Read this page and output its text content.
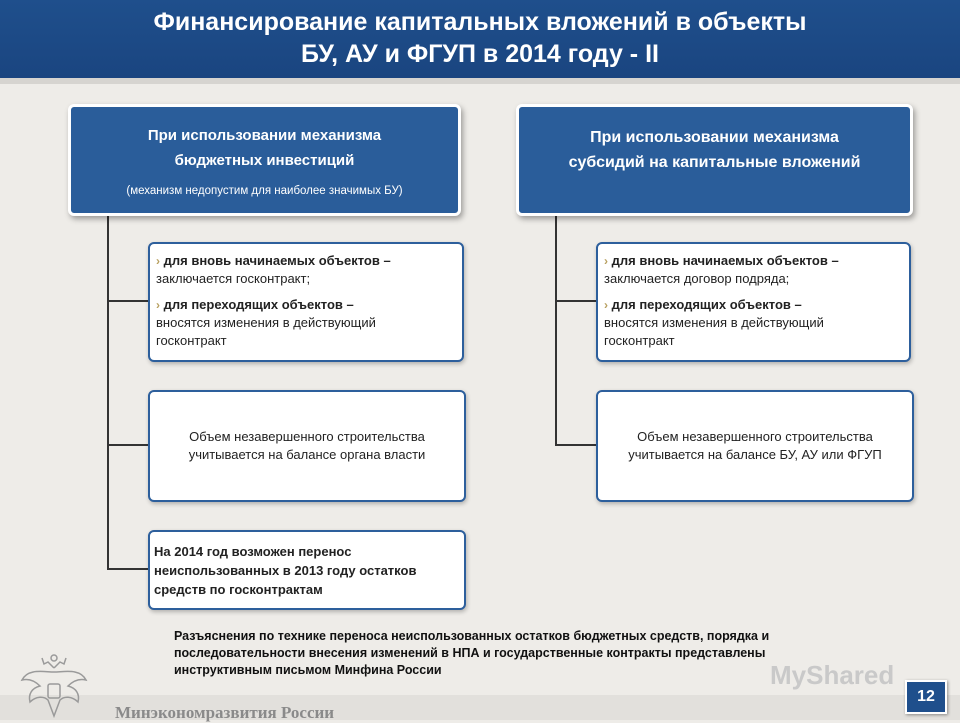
Финансирование капитальных вложений в объекты
БУ, АУ и ФГУП в 2014 году - II
При использовании механизма
бюджетных инвестиций
(механизм недопустим для наиболее значимых БУ)
При использовании механизма
субсидий на капитальные вложений
› для вновь начинаемых объектов –
заключается госконтракт;
› для переходящих объектов –
вносятся изменения в действующий
госконтракт
Объем незавершенного строительства
учитывается на балансе органа власти
На 2014 год возможен перенос
неиспользованных в 2013 году остатков
средств по госконтрактам
› для вновь начинаемых объектов –
заключается договор подряда;
› для переходящих объектов –
вносятся изменения в действующий
госконтракт
Объем незавершенного строительства
учитывается на балансе БУ, АУ или ФГУП
Разъяснения по технике переноса неиспользованных остатков бюджетных средств, порядка и
последовательности внесения изменений в НПА и государственные контракты представлены
инструктивным письмом Минфина России
Минэкономразвития России
MyShared
12
